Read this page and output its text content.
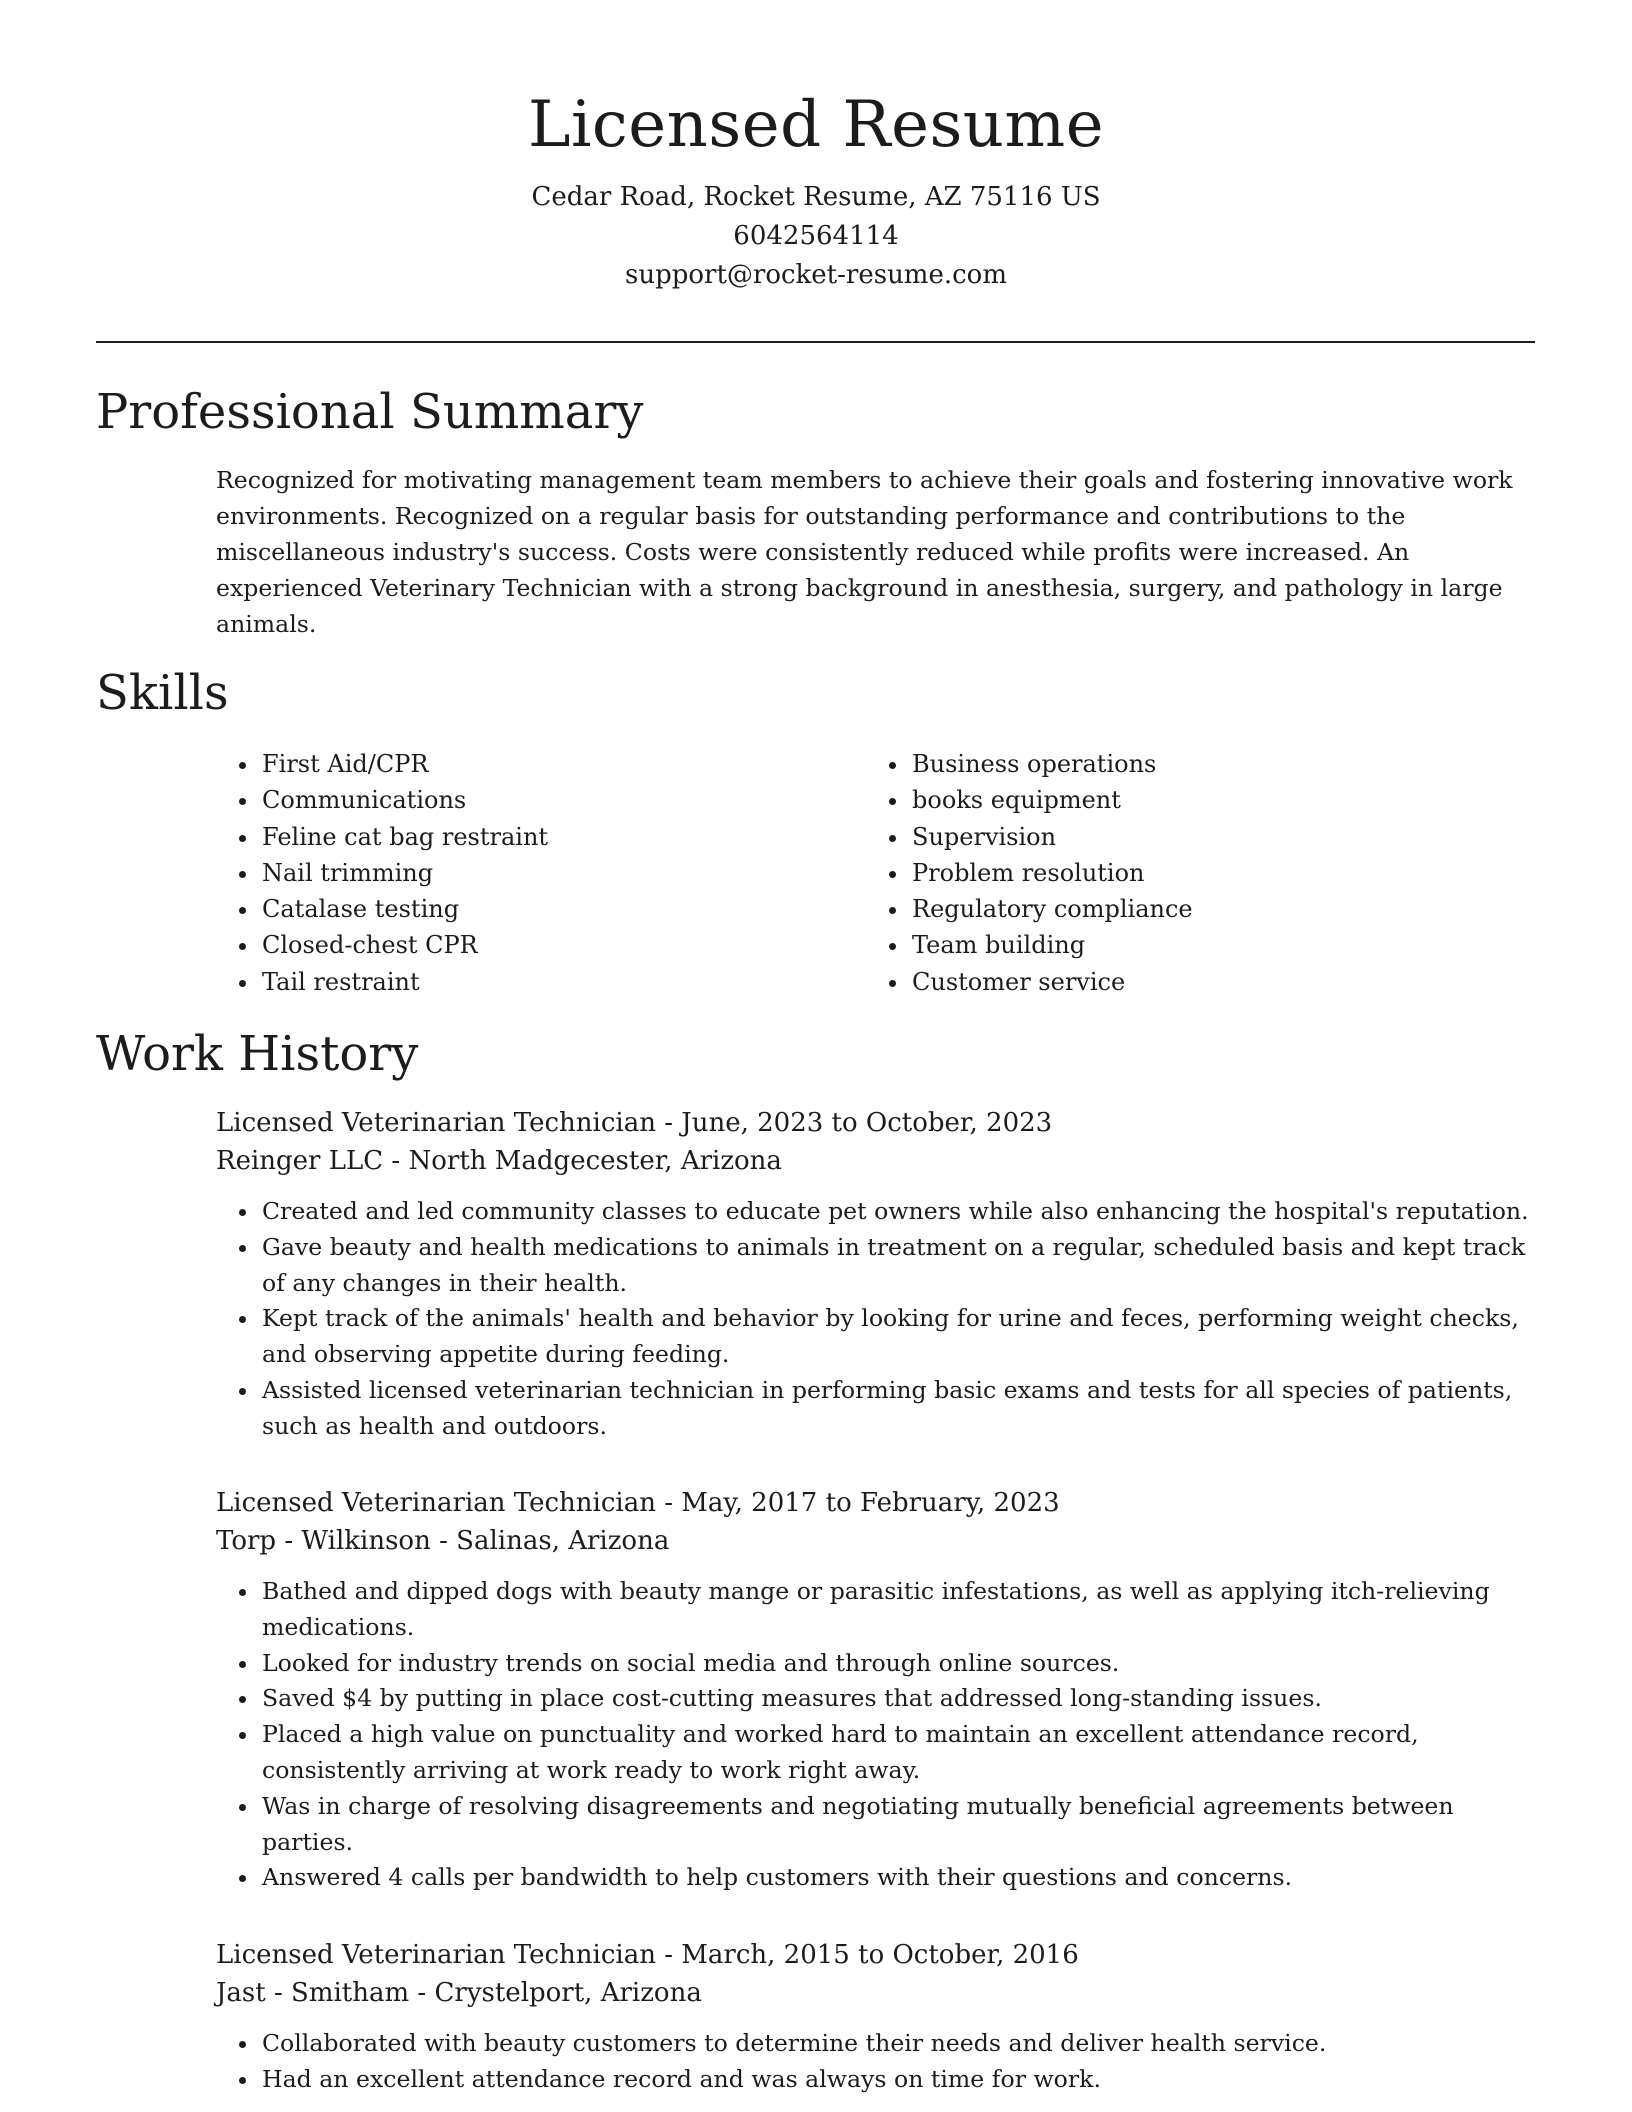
Licensed Resume
Cedar Road, Rocket Resume, AZ 75116 US
6042564114
support@rocket-resume.com
Professional Summary

Recognized for motivating management team members to achieve their goals and fostering innovative work environments. Recognized on a regular basis for outstanding performance and contributions to the miscellaneous industry's success. Costs were consistently reduced while profits were increased. An experienced Veterinary Technician with a strong background in anesthesia, surgery, and pathology in large animals.

Skills
• First Aid/CPR
• Communications
• Feline cat bag restraint
• Nail trimming
• Catalase testing
• Closed-chest CPR
• Tail restraint
• Business operations
• books equipment
• Supervision
• Problem resolution
• Regulatory compliance
• Team building
• Customer service
Work History
Licensed Veterinarian Technician - June, 2023 to October, 2023
Reinger LLC - North Madgecester, Arizona
• Created and led community classes to educate pet owners while also enhancing the hospital's reputation.
• Gave beauty and health medications to animals in treatment on a regular, scheduled basis and kept track of any changes in their health.
• Kept track of the animals' health and behavior by looking for urine and feces, performing weight checks, and observing appetite during feeding.
• Assisted licensed veterinarian technician in performing basic exams and tests for all species of patients, such as health and outdoors.
Licensed Veterinarian Technician - May, 2017 to February, 2023
Torp - Wilkinson - Salinas, Arizona
• Bathed and dipped dogs with beauty mange or parasitic infestations, as well as applying itch-relieving medications.
• Looked for industry trends on social media and through online sources.
• Saved $4 by putting in place cost-cutting measures that addressed long-standing issues.
• Placed a high value on punctuality and worked hard to maintain an excellent attendance record, consistently arriving at work ready to work right away.
• Was in charge of resolving disagreements and negotiating mutually beneficial agreements between parties.
• Answered 4 calls per bandwidth to help customers with their questions and concerns.
Licensed Veterinarian Technician - March, 2015 to October, 2016
Jast - Smitham - Crystelport, Arizona
• Collaborated with beauty customers to determine their needs and deliver health service.
• Had an excellent attendance record and was always on time for work.
